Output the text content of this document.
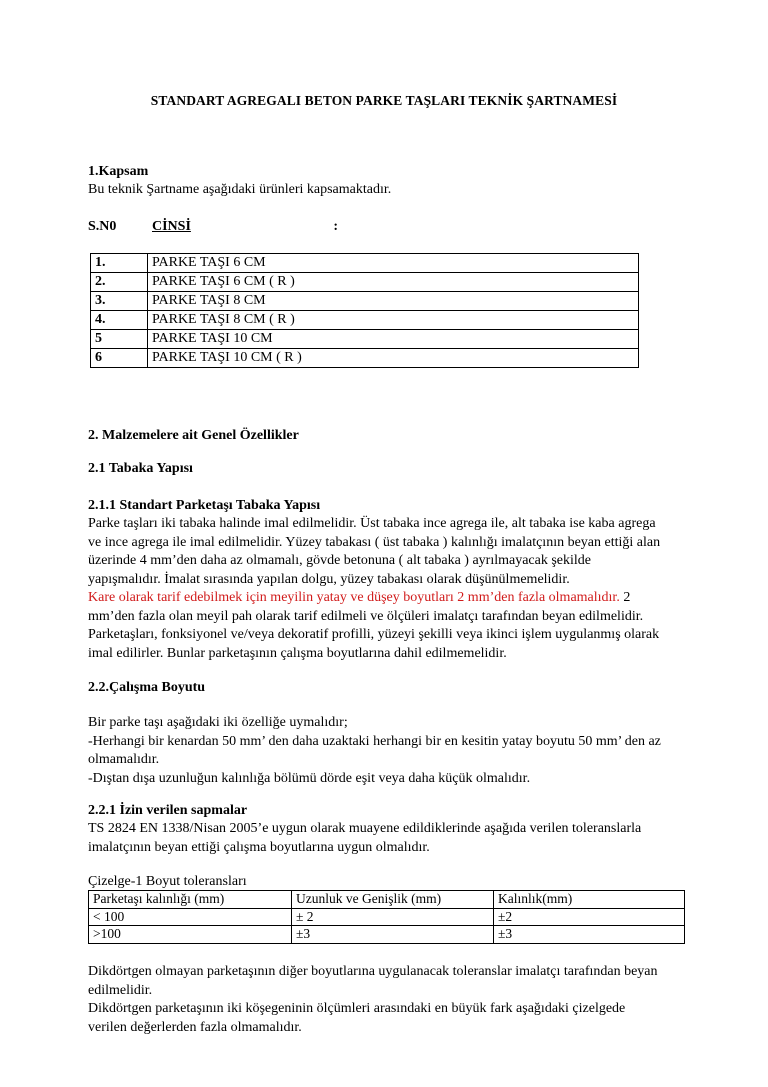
STANDART AGREGALI BETON PARKE TAŞLARI TEKNİK ŞARTNAMESİ
1.Kapsam
Bu teknik Şartname aşağıdaki ürünleri kapsamaktadır.
S.N0	CİNSİ	:
1.	PARKE TAŞI 6 CM
2.	PARKE TAŞI 6 CM ( R )
3.	PARKE TAŞI 8 CM
4.	PARKE TAŞI 8 CM ( R )
5	PARKE TAŞI 10 CM
6	PARKE TAŞI 10 CM ( R )
2. Malzemelere ait Genel Özellikler
2.1 Tabaka Yapısı
2.1.1 Standart Parketaşı Tabaka Yapısı
Parke taşları iki tabaka halinde imal edilmelidir. Üst tabaka ince agrega ile, alt tabaka ise kaba agrega
ve ince agrega ile imal edilmelidir. Yüzey tabakası ( üst tabaka ) kalınlığı imalatçının beyan ettiği alan
üzerinde 4 mm’den daha az olmamalı, gövde betonuna ( alt tabaka ) ayrılmayacak şekilde
yapışmalıdır. İmalat sırasında yapılan dolgu, yüzey tabakası olarak düşünülmemelidir.
Kare olarak tarif edebilmek için meyilin yatay ve düşey boyutları 2 mm’den fazla olmamalıdır. 2
mm’den fazla olan meyil pah olarak tarif edilmeli ve ölçüleri imalatçı tarafından beyan edilmelidir.
Parketaşları, fonksiyonel ve/veya dekoratif profilli, yüzeyi şekilli veya ikinci işlem uygulanmış olarak
imal edilirler. Bunlar parketaşının çalışma boyutlarına dahil edilmemelidir.
2.2.Çalışma Boyutu
Bir parke taşı aşağıdaki iki özelliğe uymalıdır;
-Herhangi bir kenardan 50 mm’ den daha uzaktaki herhangi bir en kesitin yatay boyutu 50 mm’ den az
olmamalıdır.
-Dıştan dışa uzunluğun kalınlığa bölümü dörde eşit veya daha küçük olmalıdır.
2.2.1 İzin verilen sapmalar
TS 2824 EN 1338/Nisan 2005’e uygun olarak muayene edildiklerinde aşağıda verilen toleranslarla
imalatçının beyan ettiği çalışma boyutlarına uygun olmalıdır.
Çizelge-1 Boyut toleransları
Parketaşı kalınlığı (mm)	Uzunluk ve Genişlik (mm)	Kalınlık(mm)
< 100	± 2	±2
>100	±3	±3
Dikdörtgen olmayan parketaşının diğer boyutlarına uygulanacak toleranslar imalatçı tarafından beyan
edilmelidir.
Dikdörtgen parketaşının iki köşegeninin ölçümleri arasındaki en büyük fark aşağıdaki çizelgede
verilen değerlerden fazla olmamalıdır.
